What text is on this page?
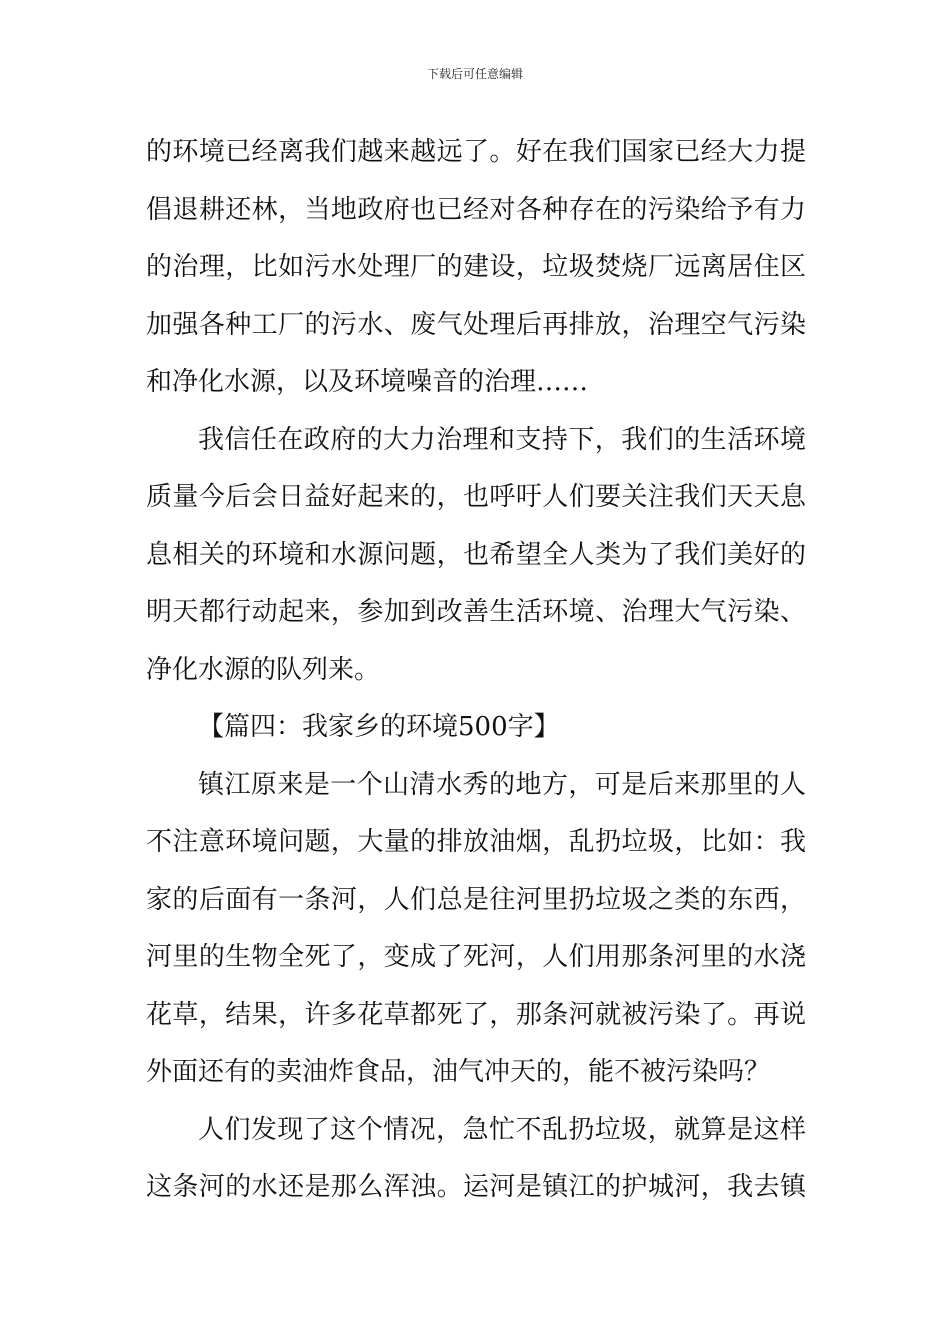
下载后可任意编辑
的环境已经离我们越来越远了。好在我们国家已经大力提
倡退耕还林，当地政府也已经对各种存在的污染给予有力
的治理，比如污水处理厂的建设，垃圾焚烧厂远离居住区
加强各种工厂的污水、废气处理后再排放，治理空气污染
和净化水源，以及环境噪音的治理……
我信任在政府的大力治理和支持下，我们的生活环境
质量今后会日益好起来的，也呼吁人们要关注我们天天息
息相关的环境和水源问题，也希望全人类为了我们美好的
明天都行动起来，参加到改善生活环境、治理大气污染、
净化水源的队列来。
【篇四：我家乡的环境500字】
镇江原来是一个山清水秀的地方，可是后来那里的人
不注意环境问题，大量的排放油烟，乱扔垃圾，比如：我
家的后面有一条河，人们总是往河里扔垃圾之类的东西，
河里的生物全死了，变成了死河，人们用那条河里的水浇
花草，结果，许多花草都死了，那条河就被污染了。再说
外面还有的卖油炸食品，油气冲天的，能不被污染吗？
人们发现了这个情况，急忙不乱扔垃圾，就算是这样
这条河的水还是那么浑浊。运河是镇江的护城河，我去镇
